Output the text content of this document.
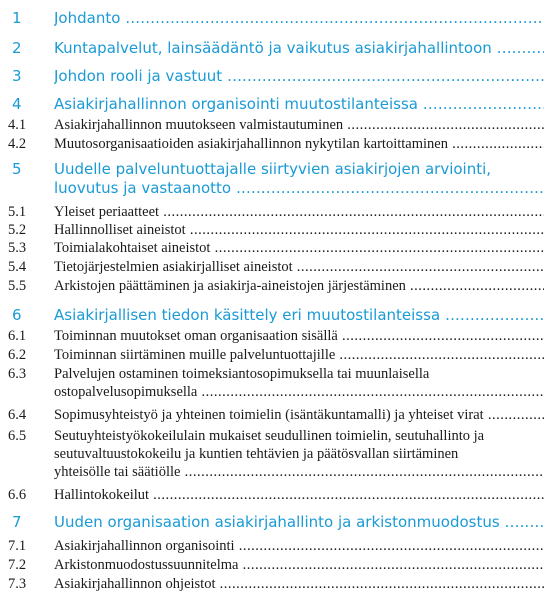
1 Johdanto .....
2 Kuntapalvelut, lainsäädäntö ja vaikutus asiakirjahallintoon .....
3 Johdon rooli ja vastuut .....
4 Asiakirjahallinnon organisointi muutostilanteissa .....
4.1 Asiakirjahallinnon muutokseen valmistautuminen .....
4.2 Muutosorganisaatioiden asiakirjahallinnon nykytilan kartoittaminen .....
5 Uudelle palveluntuottajalle siirtyvien asiakirjojen arviointi,
luovutus ja vastaanotto .....
5.1 Yleiset periaatteet .....
5.2 Hallinnolliset aineistot .....
5.3 Toimialakohtaiset aineistot .....
5.4 Tietojärjestelmien asiakirjalliset aineistot .....
5.5 Arkistojen päättäminen ja asiakirja-aineistojen järjestäminen .....
6 Asiakirjallisen tiedon käsittely eri muutostilanteissa .....
6.1 Toiminnan muutokset oman organisaation sisällä .....
6.2 Toiminnan siirtäminen muille palveluntuottajille .....
6.3 Palvelujen ostaminen toimeksiantosopimuksella tai muunlaisella
ostopalvelusopimuksella .....
6.4 Sopimusyhteistyö ja yhteinen toimielin (isäntäkuntamalli) ja yhteiset virat .....
6.5 Seutuyhteistyökokeilulain mukaiset seudullinen toimielin, seutuhallinto ja
seutuvaltuustokokeilu ja kuntien tehtävien ja päätösvallan siirtäminen
yhteisölle tai säätiölle .....
6.6 Hallintokokeilut .....
7 Uuden organisaation asiakirjahallinto ja arkistonmuodostus .....
7.1 Asiakirjahallinnon organisointi .....
7.2 Arkistonmuodostussuunnitelma .....
7.3 Asiakirjahallinnon ohjeistot .....
